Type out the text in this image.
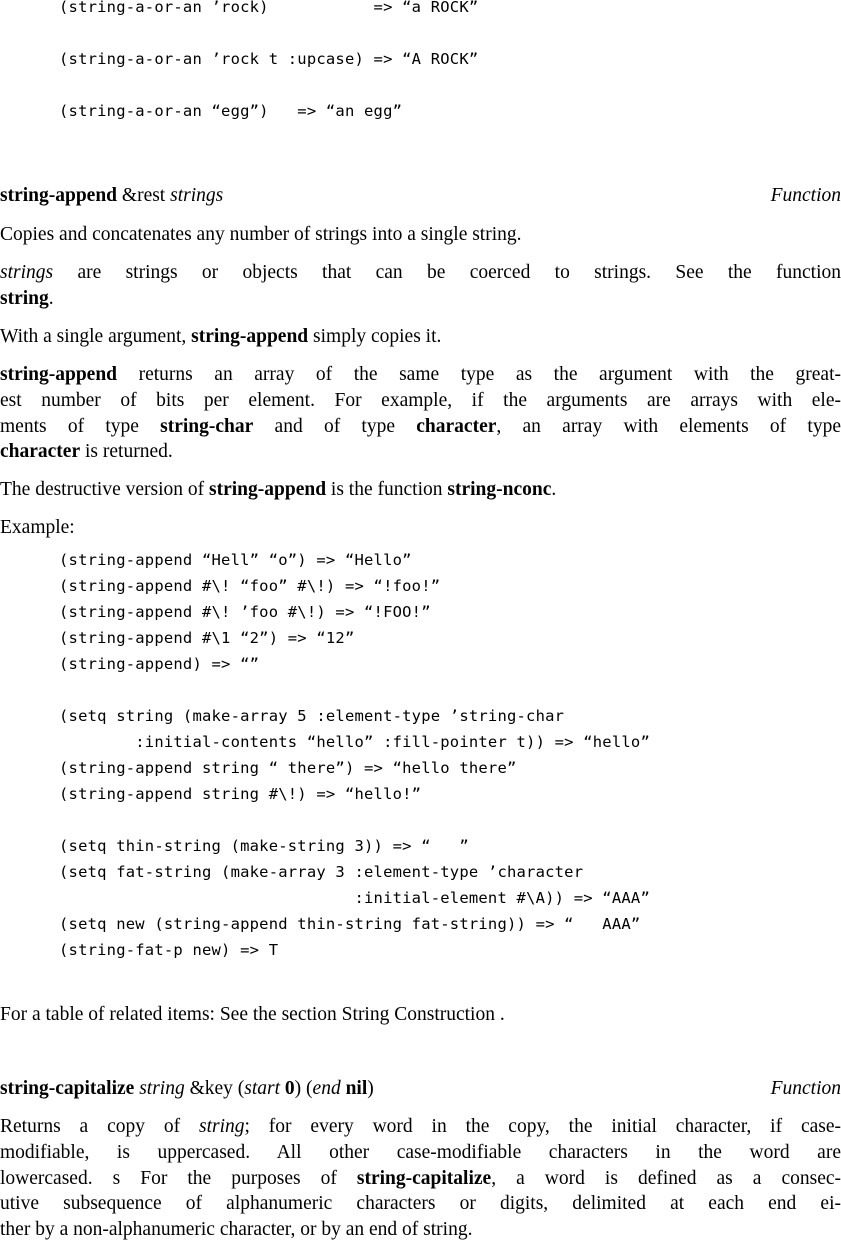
(string-a-or-an ’rock)           => “a ROCK”
(string-a-or-an ’rock t :upcase) => “A ROCK”
(string-a-or-an “egg”)   => “an egg”
string-append &rest strings	Function
Copies and concatenates any number of strings into a single string.
strings are strings or objects that can be coerced to strings. See the function
string.
With a single argument, string-append simply copies it.
string-append returns an array of the same type as the argument with the great-
est number of bits per element. For example, if the arguments are arrays with ele-
ments of type string-char and of type character, an array with elements of type
character is returned.
The destructive version of string-append is the function string-nconc.
Example:
(string-append “Hell” “o”) => “Hello”
(string-append #\! “foo” #\!) => “!foo!”
(string-append #\! ’foo #\!) => “!FOO!”
(string-append #\1 “2”) => “12”
(string-append) => “”
(setq string (make-array 5 :element-type ’string-char
:initial-contents “hello” :fill-pointer t)) => “hello”
(string-append string “ there”) => “hello there”
(string-append string #\!) => “hello!”
(setq thin-string (make-string 3)) => “   ”
(setq fat-string (make-array 3 :element-type ’character
:initial-element #\A)) => “AAA”
(setq new (string-append thin-string fat-string)) => “   AAA”
(string-fat-p new) => T
For a table of related items: See the section String Construction .
string-capitalize string &key (start 0) (end nil)	Function
Returns a copy of string; for every word in the copy, the initial character, if case-
modifiable, is uppercased. All other case-modifiable characters in the word are
lowercased. s For the purposes of string-capitalize, a word is defined as a consec-
utive subsequence of alphanumeric characters or digits, delimited at each end ei-
ther by a non-alphanumeric character, or by an end of string.
